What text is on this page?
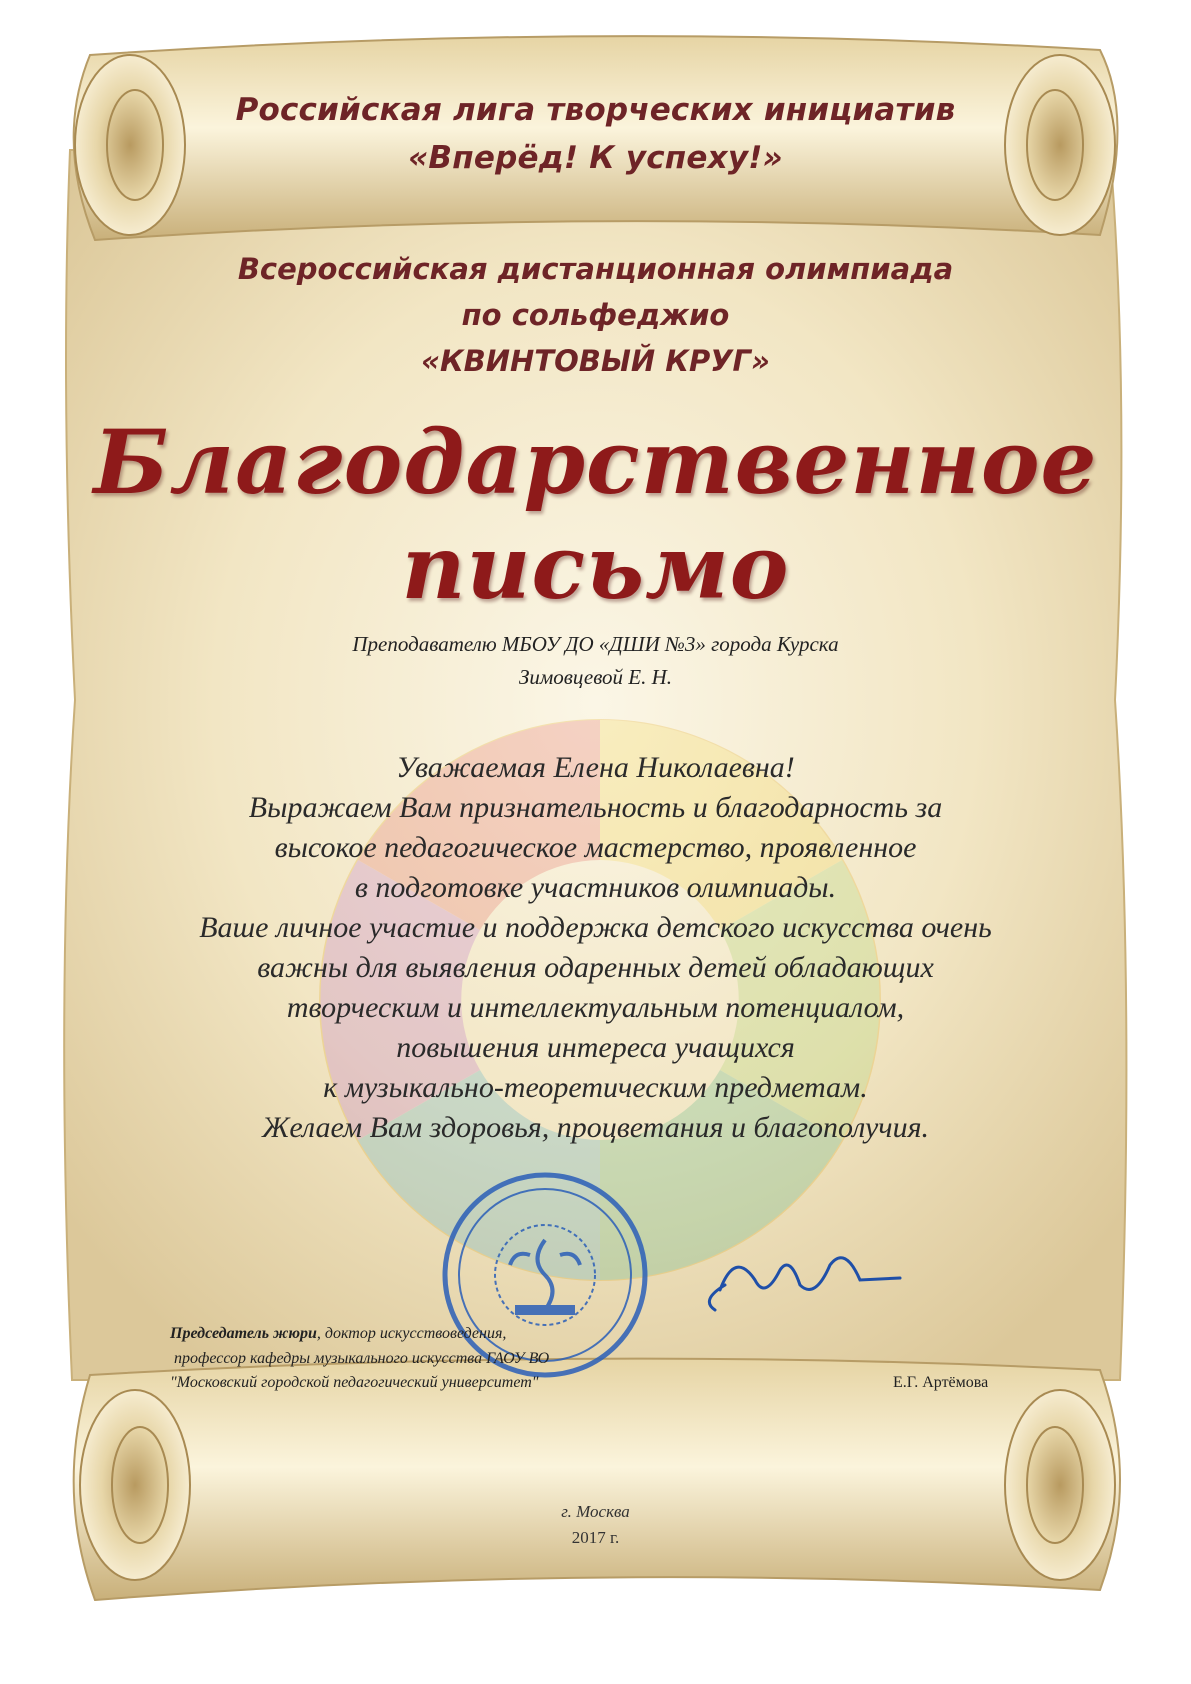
Российская лига творческих инициатив
«Вперёд! К успеху!»
Всероссийская дистанционная олимпиада
по сольфеджио
«КВИНТОВЫЙ КРУГ»
Благодарственное
письмо
Преподавателю МБОУ ДО «ДШИ №3» города Курска
Зимовцевой Е. Н.
Уважаемая Елена Николаевна!
Выражаем Вам признательность и благодарность за
высокое педагогическое мастерство, проявленное
в подготовке участников олимпиады.
Ваше личное участие и поддержка детского искусства очень
важны для выявления одаренных детей обладающих
творческим и интеллектуальным потенциалом,
повышения интереса учащихся
к музыкально-теоретическим предметам.
Желаем Вам здоровья, процветания и благополучия.
Председатель жюри, доктор искусствоведения,
профессор кафедры музыкального искусства ГАОУ ВО
"Московский городской педагогический университет"	Е.Г. Артёмова
г. Москва
2017 г.
